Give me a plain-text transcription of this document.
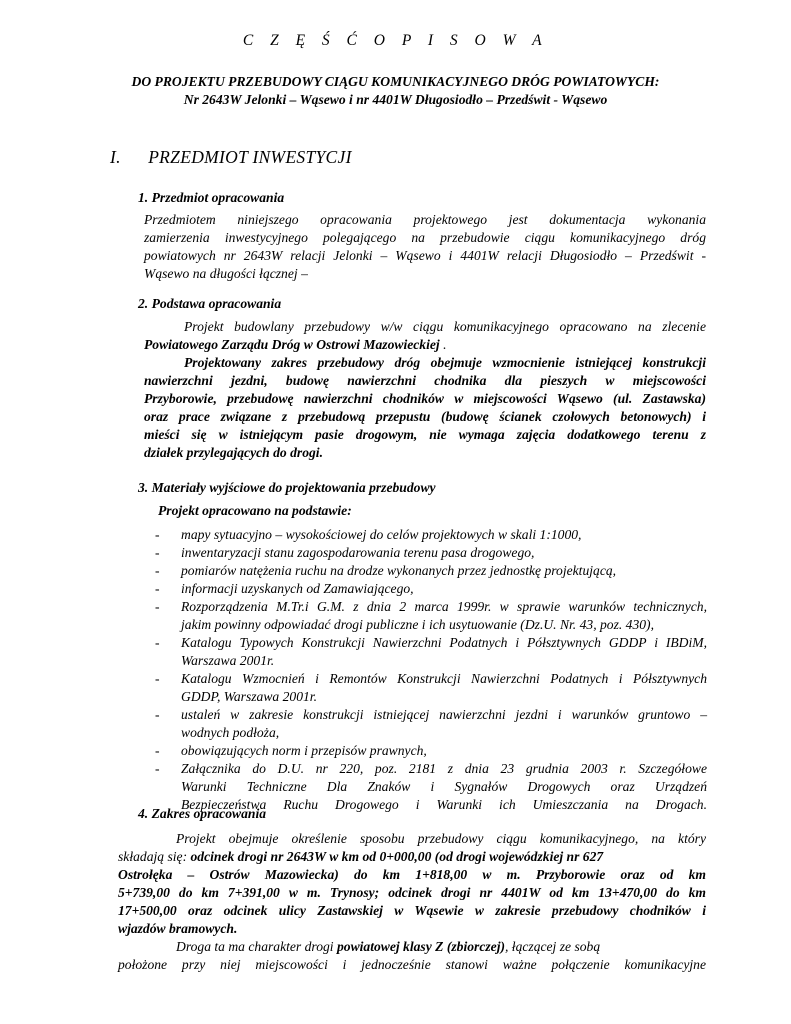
C Z Ę Ś Ć O P I S O W A
DO PROJEKTU PRZEBUDOWY CIĄGU KOMUNIKACYJNEGO DRÓG POWIATOWYCH:
Nr 2643W Jelonki – Wąsewo i nr 4401W Długosiodło – Przedświt - Wąsewo
I. PRZEDMIOT INWESTYCJI
1. Przedmiot opracowania
Przedmiotem niniejszego opracowania projektowego jest dokumentacja wykonania
zamierzenia inwestycyjnego polegającego na przebudowie ciągu komunikacyjnego dróg
powiatowych nr 2643W relacji Jelonki – Wąsewo i 4401W relacji Długosiodło – Przedświt -
Wąsewo na długości łącznej –
2. Podstawa opracowania
Projekt budowlany przebudowy w/w ciągu komunikacyjnego opracowano na zlecenie
Powiatowego Zarządu Dróg w Ostrowi Mazowieckiej .
Projektowany zakres przebudowy dróg obejmuje wzmocnienie istniejącej konstrukcji
nawierzchni jezdni, budowę nawierzchni chodnika dla pieszych w miejscowości
Przyborowie, przebudowę nawierzchni chodników w miejscowości Wąsewo (ul. Zastawska)
oraz prace związane z przebudową przepustu (budowę ścianek czołowych betonowych) i
mieści się w istniejącym pasie drogowym, nie wymaga zajęcia dodatkowego terenu z
działek przylegających do drogi.
3. Materiały wyjściowe do projektowania przebudowy
Projekt opracowano na podstawie:
- mapy sytuacyjno – wysokościowej do celów projektowych w skali 1:1000,
- inwentaryzacji stanu zagospodarowania terenu pasa drogowego,
- pomiarów natężenia ruchu na drodze wykonanych przez jednostkę projektującą,
- informacji uzyskanych od Zamawiającego,
- Rozporządzenia M.Tr.i G.M. z dnia 2 marca 1999r. w sprawie warunków technicznych,
jakim powinny odpowiadać drogi publiczne i ich usytuowanie (Dz.U. Nr. 43, poz. 430),
- Katalogu Typowych Konstrukcji Nawierzchni Podatnych i Półsztywnych GDDP i IBDiM,
Warszawa 2001r.
- Katalogu Wzmocnień i Remontów Konstrukcji Nawierzchni Podatnych i Półsztywnych
GDDP, Warszawa 2001r.
- ustaleń w zakresie konstrukcji istniejącej nawierzchni jezdni i warunków gruntowo –
wodnych podłoża,
- obowiązujących norm i przepisów prawnych,
- Załącznika do D.U. nr 220, poz. 2181 z dnia 23 grudnia 2003 r. Szczegółowe
Warunki Techniczne Dla Znaków i Sygnałów Drogowych oraz Urządzeń
Bezpieczeństwa Ruchu Drogowego i Warunki ich Umieszczania na Drogach.
4. Zakres opracowania
Projekt obejmuje określenie sposobu przebudowy ciągu komunikacyjnego, na który
składają się: odcinek drogi nr 2643W w km od 0+000,00 (od drogi wojewódzkiej nr 627
Ostrołęka – Ostrów Mazowiecka) do km 1+818,00 w m. Przyborowie oraz od km
5+739,00 do km 7+391,00 w m. Trynosy; odcinek drogi nr 4401W od km 13+470,00 do km
17+500,00 oraz odcinek ulicy Zastawskiej w Wąsewie w zakresie przebudowy chodników i
wjazdów bramowych.
Droga ta ma charakter drogi powiatowej klasy Z (zbiorczej), łączącej ze sobą
położone przy niej miejscowości i jednocześnie stanowi ważne połączenie komunikacyjne
